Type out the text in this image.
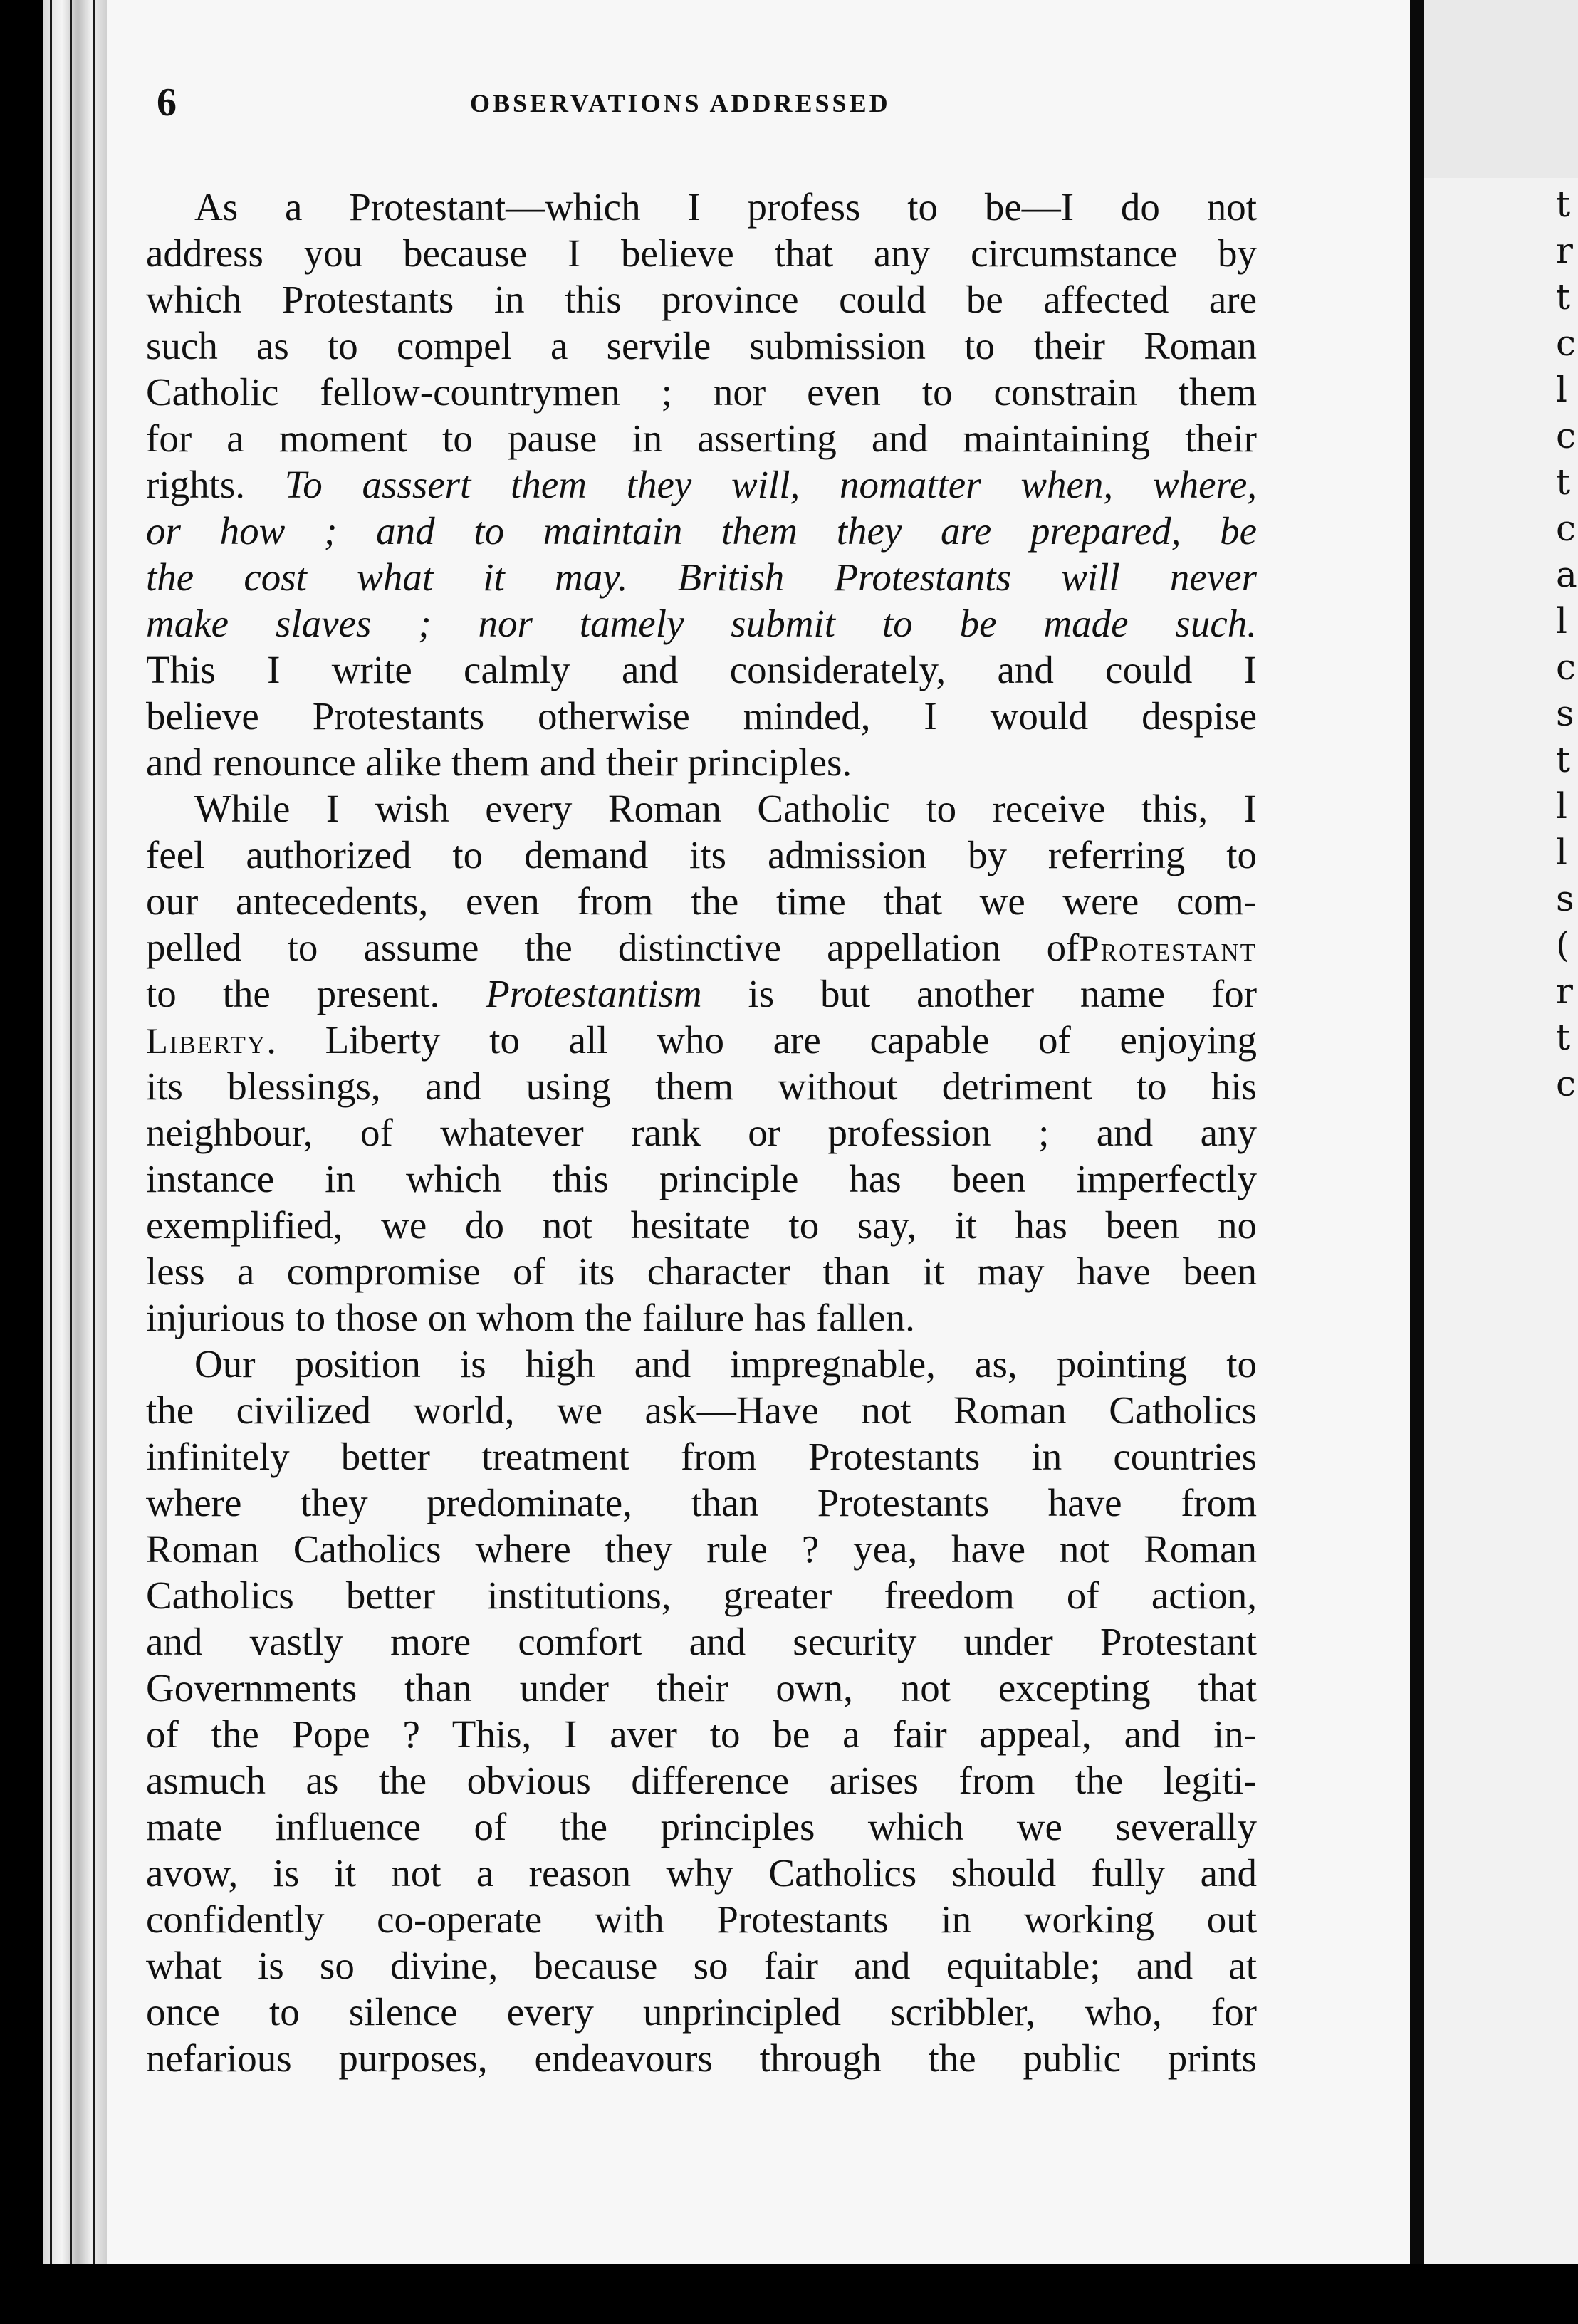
t
r
t
c
l
c
t
c
a
l
c
s
t
l
l
s
(
r
t
c
6	OBSERVATIONS ADDRESSED
As a Protestant—which I profess to be—I do not
address you because I believe that any circumstance by
which Protestants in this province could be affected are
such as to compel a servile submission to their Roman
Catholic fellow-countrymen ; nor even to constrain them
for a moment to pause in asserting and maintaining their
rights. To asssert them they will, nomatter when, where,
or how ; and to maintain them they are prepared, be
the cost what it may. British Protestants will never
make slaves ; nor tamely submit to be made such.
This I write calmly and considerately, and could I
believe Protestants otherwise minded, I would despise
and renounce alike them and their principles.
While I wish every Roman Catholic to receive this, I
feel authorized to demand its admission by referring to
our antecedents, even from the time that we were com-
pelled to assume the distinctive appellation ofProtestant
to the present. Protestantism is but another name for
Liberty. Liberty to all who are capable of enjoying
its blessings, and using them without detriment to his
neighbour, of whatever rank or profession ; and any
instance in which this principle has been imperfectly
exemplified, we do not hesitate to say, it has been no
less a compromise of its character than it may have been
injurious to those on whom the failure has fallen.
Our position is high and impregnable, as, pointing to
the civilized world, we ask—Have not Roman Catholics
infinitely better treatment from Protestants in countries
where they predominate, than Protestants have from
Roman Catholics where they rule ? yea, have not Roman
Catholics better institutions, greater freedom of action,
and vastly more comfort and security under Protestant
Governments than under their own, not excepting that
of the Pope ? This, I aver to be a fair appeal, and in-
asmuch as the obvious difference arises from the legiti-
mate influence of the principles which we severally
avow, is it not a reason why Catholics should fully and
confidently co-operate with Protestants in working out
what is so divine, because so fair and equitable; and at
once to silence every unprincipled scribbler, who, for
nefarious purposes, endeavours through the public prints
